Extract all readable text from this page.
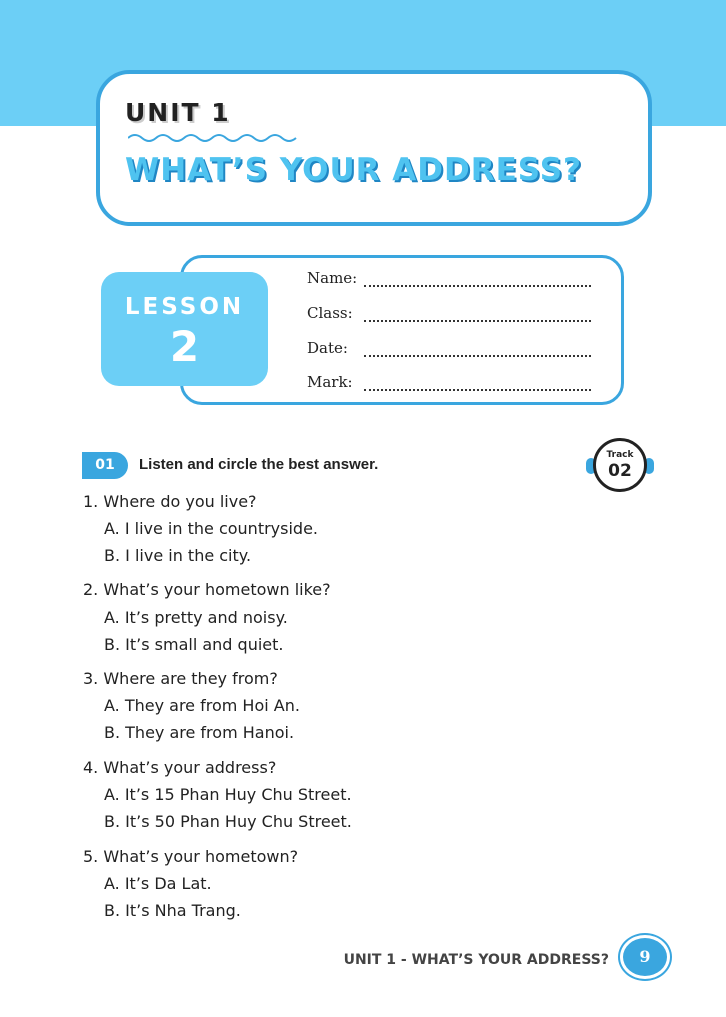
UNIT 1
WHAT’S YOUR ADDRESS?
LESSON
2
Name:
Class:
Date:
Mark:
01	Listen and circle the best answer.
Track
02
1. Where do you live?
A. I live in the countryside.
B. I live in the city.
2. What’s your hometown like?
A. It’s pretty and noisy.
B. It’s small and quiet.
3. Where are they from?
A. They are from Hoi An.
B. They are from Hanoi.
4. What’s your address?
A. It’s 15 Phan Huy Chu Street.
B. It’s 50 Phan Huy Chu Street.
5. What’s your hometown?
A. It’s Da Lat.
B. It’s Nha Trang.
UNIT 1 - WHAT’S YOUR ADDRESS?	9
